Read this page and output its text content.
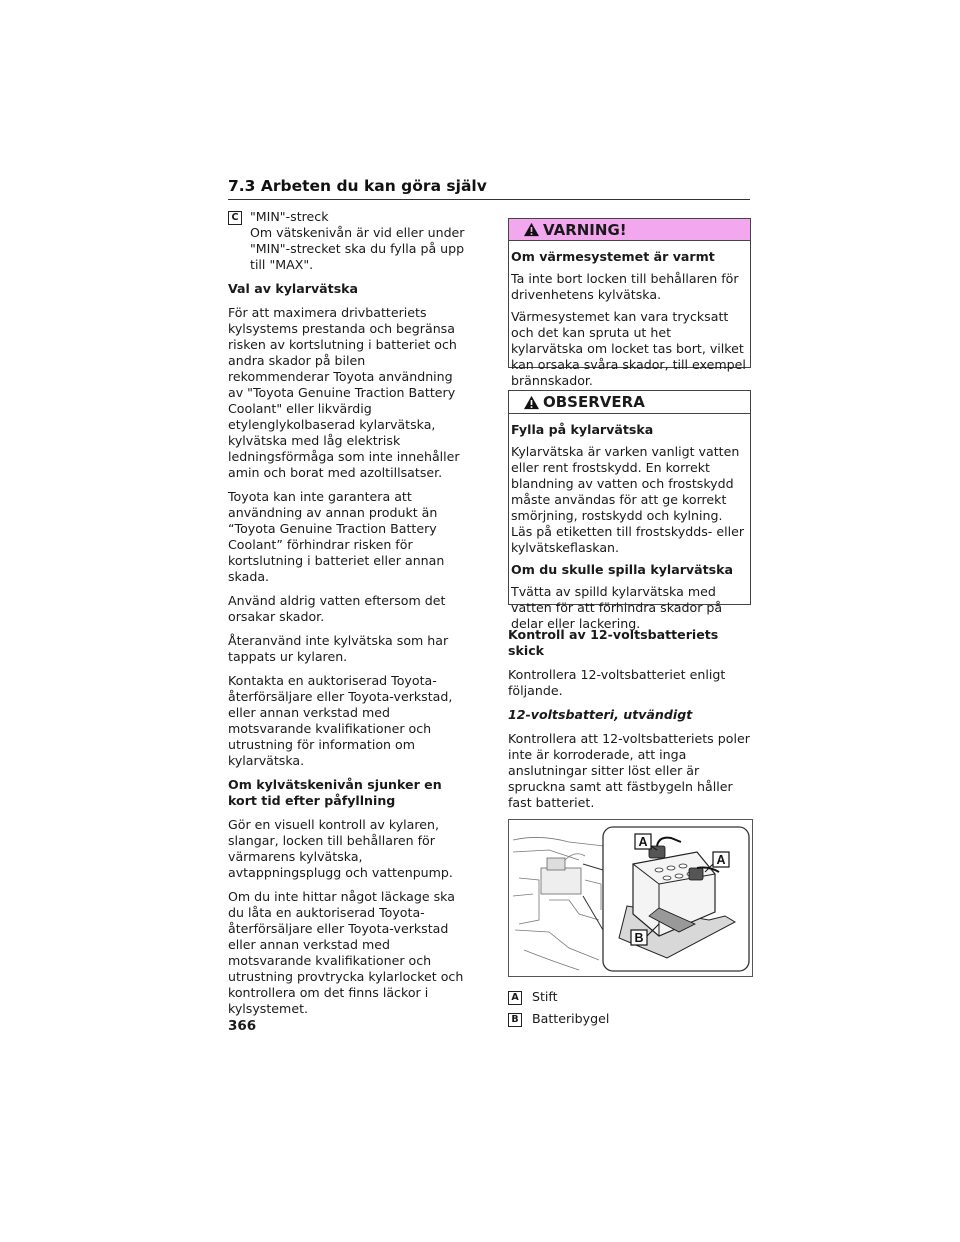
7.3 Arbeten du kan göra själv
C "MIN"-streck
Om vätskenivån är vid eller under "MIN"-strecket ska du fylla på upp till "MAX".

Val av kylarvätska

För att maximera drivbatteriets kylsystems prestanda och begränsa risken av kortslutning i batteriet och andra skador på bilen rekommenderar Toyota användning av "Toyota Genuine Traction Battery Coolant" eller likvärdig etylenglykolbaserad kylarvätska, kylvätska med låg elektrisk ledningsförmåga som inte innehåller amin och borat med azoltillsatser.

Toyota kan inte garantera att användning av annan produkt än “Toyota Genuine Traction Battery Coolant” förhindrar risken för kortslutning i batteriet eller annan skada.

Använd aldrig vatten eftersom det orsakar skador.

Återanvänd inte kylvätska som har tappats ur kylaren.

Kontakta en auktoriserad Toyota-återförsäljare eller Toyota-verkstad, eller annan verkstad med motsvarande kvalifikationer och utrustning för information om kylarvätska.

Om kylvätskenivån sjunker en kort tid efter påfyllning

Gör en visuell kontroll av kylaren, slangar, locken till behållaren för värmarens kylvätska, avtappningsplugg och vattenpump.

Om du inte hittar något läckage ska du låta en auktoriserad Toyota-återförsäljare eller Toyota-verkstad eller annan verkstad med motsvarande kvalifikationer och utrustning provtrycka kylarlocket och kontrollera om det finns läckor i kylsystemet.

VARNING!

Om värmesystemet är varmt

Ta inte bort locken till behållaren för drivenhetens kylvätska.

Värmesystemet kan vara trycksatt och det kan spruta ut het kylarvätska om locket tas bort, vilket kan orsaka svåra skador, till exempel brännskador.

OBSERVERA

Fylla på kylarvätska

Kylarvätska är varken vanligt vatten eller rent frostskydd. En korrekt blandning av vatten och frostskydd måste användas för att ge korrekt smörjning, rostskydd och kylning. Läs på etiketten till frostskydds- eller kylvätskeflaskan.

Om du skulle spilla kylarvätska

Tvätta av spilld kylarvätska med vatten för att förhindra skador på delar eller lackering.

Kontroll av 12-voltsbatteriets skick

Kontrollera 12-voltsbatteriet enligt följande.

12-voltsbatteri, utvändigt

Kontrollera att 12-voltsbatteriets poler inte är korroderade, att inga anslutningar sitter löst eller är spruckna samt att fästbygeln håller fast batteriet.

A
A
B
A Stift
B Batteribygel
366
